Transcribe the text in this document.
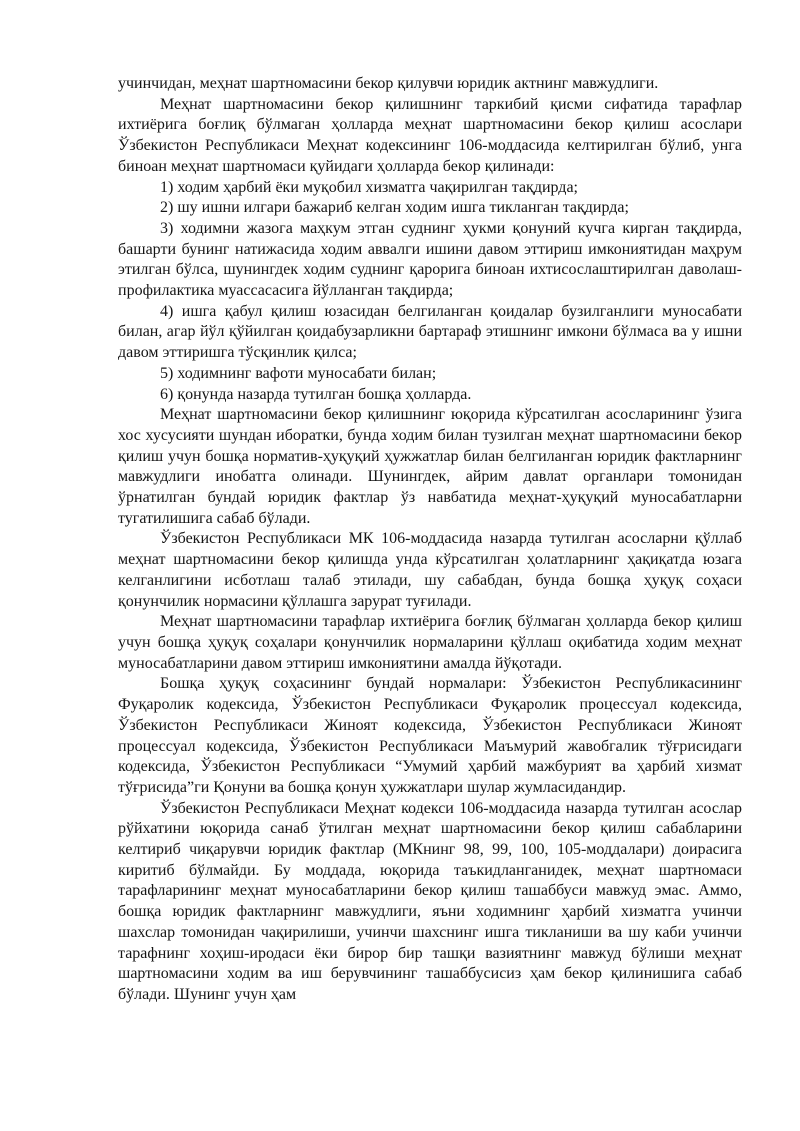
учинчидан, меҳнат шартномасини бекор қилувчи юридик актнинг мавжудлиги.

Меҳнат шартномасини бекор қилишнинг таркибий қисми сифатида тарафлар ихтиёрига боғлиқ бўлмаган ҳолларда меҳнат шартномасини бекор қилиш асослари Ўзбекистон Республикаси Меҳнат кодексининг 106-моддасида келтирилган бўлиб, унга биноан меҳнат шартномаси қуйидаги ҳолларда бекор қилинади:

1) ходим ҳарбий ёки муқобил хизматга чақирилган тақдирда;

2) шу ишни илгари бажариб келган ходим ишга тикланган тақдирда;

3) ходимни жазога маҳкум этган суднинг ҳукми қонуний кучга кирган тақдирда, башарти бунинг натижасида ходим аввалги ишини давом эттириш имкониятидан маҳрум этилган бўлса, шунингдек ходим суднинг қарорига биноан ихтисослаштирилган даволаш-профилактика муассасасига йўлланган тақдирда;

4) ишга қабул қилиш юзасидан белгиланган қоидалар бузилганлиги муносабати билан, агар йўл қўйилган қоидабузарликни бартараф этишнинг имкони бўлмаса ва у ишни давом эттиришга тўсқинлик қилса;

5) ходимнинг вафоти муносабати билан;

6) қонунда назарда тутилган бошқа ҳолларда.

Меҳнат шартномасини бекор қилишнинг юқорида кўрсатилган асосларининг ўзига хос хусусияти шундан иборатки, бунда ходим билан тузилган меҳнат шартномасини бекор қилиш учун бошқа норматив-ҳуқуқий ҳужжатлар билан белгиланган юридик фактларнинг мавжудлиги инобатга олинади. Шунингдек, айрим давлат органлари томонидан ўрнатилган бундай юридик фактлар ўз навбатида меҳнат-ҳуқуқий муносабатларни тугатилишига сабаб бўлади.

Ўзбекистон Республикаси МК 106-моддасида назарда тутилган асосларни қўллаб меҳнат шартномасини бекор қилишда унда кўрсатилган ҳолатларнинг ҳақиқатда юзага келганлигини исботлаш талаб этилади, шу сабабдан, бунда бошқа ҳуқуқ соҳаси қонунчилик нормасини қўллашга зарурат туғилади.

Меҳнат шартномасини тарафлар ихтиёрига боғлиқ бўлмаган ҳолларда бекор қилиш учун бошқа ҳуқуқ соҳалари қонунчилик нормаларини қўллаш оқибатида ходим меҳнат муносабатларини давом эттириш имкониятини амалда йўқотади.

Бошқа ҳуқуқ соҳасининг бундай нормалари: Ўзбекистон Республикасининг Фуқаролик кодексида, Ўзбекистон Республикаси Фуқаролик процессуал кодексида, Ўзбекистон Республикаси Жиноят кодексида, Ўзбекистон Республикаси Жиноят процессуал кодексида, Ўзбекистон Республикаси Маъмурий жавобгалик тўғрисидаги кодексида, Ўзбекистон Республикаси “Умумий ҳарбий мажбурият ва ҳарбий хизмат тўғрисида”ги Қонуни ва бошқа қонун ҳужжатлари шулар жумласидандир.

Ўзбекистон Республикаси Меҳнат кодекси 106-моддасида назарда тутилган асослар рўйхатини юқорида санаб ўтилган меҳнат шартномасини бекор қилиш сабабларини келтириб чиқарувчи юридик фактлар (МКнинг 98, 99, 100, 105-моддалари) доирасига киритиб бўлмайди. Бу моддада, юқорида таъкидланганидек, меҳнат шартномаси тарафларининг меҳнат муносабатларини бекор қилиш ташаббуси мавжуд эмас. Аммо, бошқа юридик фактларнинг мавжудлиги, яъни ходимнинг ҳарбий хизматга учинчи шахслар томонидан чақирилиши, учинчи шахснинг ишга тикланиши ва шу каби учинчи тарафнинг хоҳиш-иродаси ёки бирор бир ташқи вазиятнинг мавжуд бўлиши меҳнат шартномасини ходим ва иш берувчининг ташаббусисиз ҳам бекор қилинишига сабаб бўлади. Шунинг учун ҳам
